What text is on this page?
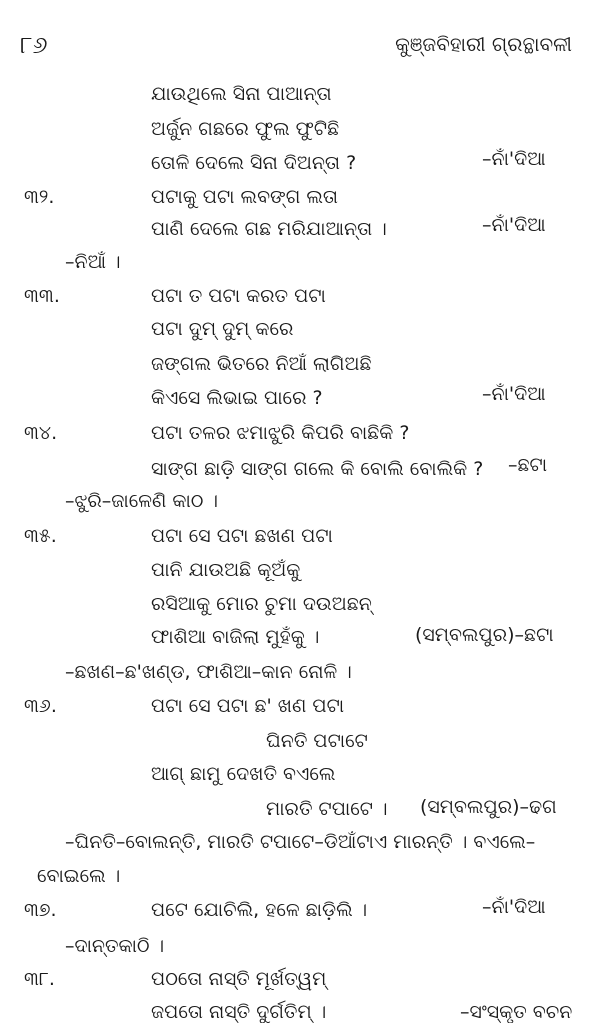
୮୬	କୁଞ୍ଜବିହାରୀ ଗ୍ରନ୍ଥାବଳୀ
ଯାଉଥିଲେ ସିନା ପାଆନ୍ତା
ଅର୍ଜୁନ ଗଛରେ ଫୁଲ ଫୁଟିଛି
ତୋଳି ଦେଲେ ସିନା ଦିଅନ୍ତା ?	–ନାଁ'ଦିଆ
୩୨.	ପଟାକୁ ପଟା ଲବଙ୍ଗ ଲତା
ପାଣି ଦେଲେ ଗଛ ମରିଯାଆନ୍ତା ।	–ନାଁ'ଦିଆ
–ନିଆଁ ।
୩୩.	ପଟା ତ ପଟା କରତ ପଟା
ପଟା ଦୁମ୍ ଦୁମ୍ କରେ
ଜଙ୍ଗଲ ଭିତରେ ନିଆଁ ଲାଗିଅଛି
କିଏସେ ଲିଭାଇ ପାରେ ?	–ନାଁ'ଦିଆ
୩୪.	ପଟା ତଳର ଝମାଝୁରି କିପରି ବାଛିକି ?
ସାଙ୍ଗ ଛାଡ଼ି ସାଙ୍ଗ ଗଲେ କି ବୋଲି ବୋଲିକି ? –ଛଟା
–ଝୁରି–ଜାଳେଣି କାଠ ।
୩୫.	ପଟା ସେ ପଟା ଛଖଣ ପଟା
ପାନି ଯାଉଅଛି କୂଅଁକୁ
ରସିଆକୁ ମୋର ଚୁମା ଦଉଅଛନ୍
ଫାଶିଆ ବାଜିଲା ମୁହଁକୁ ।	(ସମ୍ବଲପୁର)–ଛଟା
–ଛଖଣ–ଛ'ଖଣ୍ଡ, ଫାଶିଆ–କାନ ନୋଳି ।
୩୬.	ପଟା ସେ ପଟା ଛ' ଖଣ ପଟା
ଘିନତି ପଟାଟେ
ଆଗ୍ ଛାମୁ ଦେଖତି ବଏଲେ
ମାରତି ଟପାଟେ । (ସମ୍ବଲପୁର)–ଢଗ
–ଘିନତି–ବୋଲନ୍ତି, ମାରତି ଟପାଟେ–ଡିଆଁଟାଏ ମାରନ୍ତି । ବଏଲେ–
ବୋଇଲେ ।
୩୭.	ପଟେ ଯୋଚିଲି, ହଳେ ଛାଡ଼ିଲି ।	–ନାଁ'ଦିଆ
–ଦାନ୍ତକାଠି ।
୩୮.	ପଠତୋ ନାସ୍ତି ମୂର୍ଖତ୍ୱମ୍
ଜପତୋ ନାସ୍ତି ଦୁର୍ଗତିମ୍ ।	–ସଂସ୍କୃତ ବଚନ
